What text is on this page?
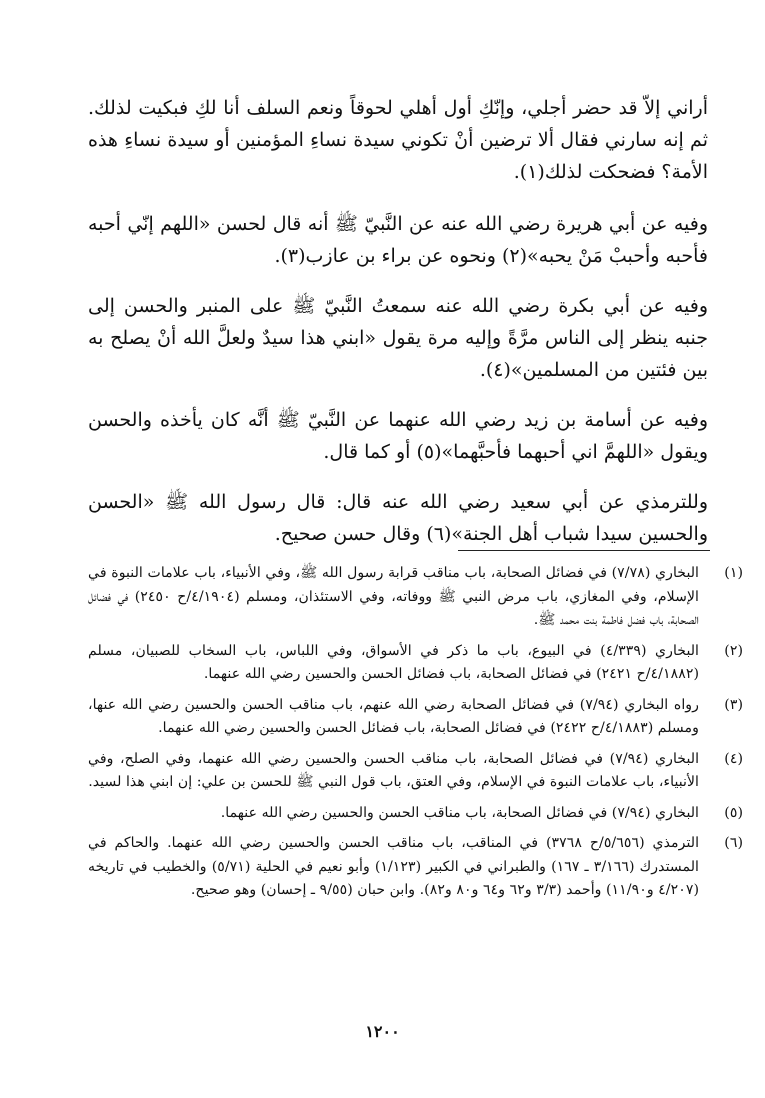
أراني إلاّ قد حضر أجلي، وإنّكِ أول أهلي لحوقاً ونعم السلف أنا لكِ فبكيت لذلك. ثم إنه سارني فقال ألا ترضين أنْ تكوني سيدة نساءِ المؤمنين أو سيدة نساءِ هذه الأمة؟ فضحكت لذلك(١).

وفيه عن أبي هريرة رضي الله عنه عن النَّبيّ ﷺ أنه قال لحسن «اللهم إنّي أحبه فأحبه وأحببْ مَنْ يحبه»(٢) ونحوه عن براء بن عازب(٣).

وفيه عن أبي بكرة رضي الله عنه سمعتُ النَّبيّ ﷺ على المنبر والحسن إلى جنبه ينظر إلى الناس مرَّةً وإليه مرة يقول «ابني هذا سيدٌ ولعلَّ الله أنْ يصلح به بين فئتين من المسلمين»(٤).

وفيه عن أسامة بن زيد رضي الله عنهما عن النَّبيّ ﷺ أنَّه كان يأخذه والحسن ويقول «اللهمَّ اني أحبهما فأحبَّهما»(٥) أو كما قال.

وللترمذي عن أبي سعيد رضي الله عنه قال: قال رسول الله ﷺ «الحسن والحسين سيدا شباب أهل الجنة»(٦) وقال حسن صحيح.

(١)
البخاري (٧/٧٨) في فضائل الصحابة، باب مناقب قرابة رسول الله ﷺ، وفي الأنبياء، باب علامات النبوة في الإسلام، وفي المغازي، باب مرض النبي ﷺ ووفاته، وفي الاستئذان، ومسلم (٤/١٩٠٤/ح ٢٤٥٠) في فضائل الصحابة، باب فضل فاطمة بنت محمد ﷺ.
(٢)
البخاري (٤/٣٣٩) في البيوع، باب ما ذكر في الأسواق، وفي اللباس، باب السخاب للصبيان، مسلم (٤/١٨٨٢/ح ٢٤٢١) في فضائل الصحابة، باب فضائل الحسن والحسين رضي الله عنهما.
(٣)
رواه البخاري (٧/٩٤) في فضائل الصحابة رضي الله عنهم، باب مناقب الحسن والحسين رضي الله عنها، ومسلم (٤/١٨٨٣/ح ٢٤٢٢) في فضائل الصحابة، باب فضائل الحسن والحسين رضي الله عنهما.
(٤)
البخاري (٧/٩٤) في فضائل الصحابة، باب مناقب الحسن والحسين رضي الله عنهما، وفي الصلح، وفي الأنبياء، باب علامات النبوة في الإسلام، وفي العتق، باب قول النبي ﷺ للحسن بن علي: إن ابني هذا لسيد.
(٥)
البخاري (٧/٩٤) في فضائل الصحابة، باب مناقب الحسن والحسين رضي الله عنهما.
(٦)
الترمذي (٥/٦٥٦/ح ٣٧٦٨) في المناقب، باب مناقب الحسن والحسين رضي الله عنهما. والحاكم في المستدرك (٣/١٦٦ ـ ١٦٧) والطبراني في الكبير (١/١٢٣) وأبو نعيم في الحلية (٥/٧١) والخطيب في تاريخه (٤/٢٠٧ و١١/٩٠) وأحمد (٣/٣ و٦٢ و٦٤ و٨٠ و٨٢). وابن حبان (٩/٥٥ ـ إحسان) وهو صحيح.
١٢٠٠
